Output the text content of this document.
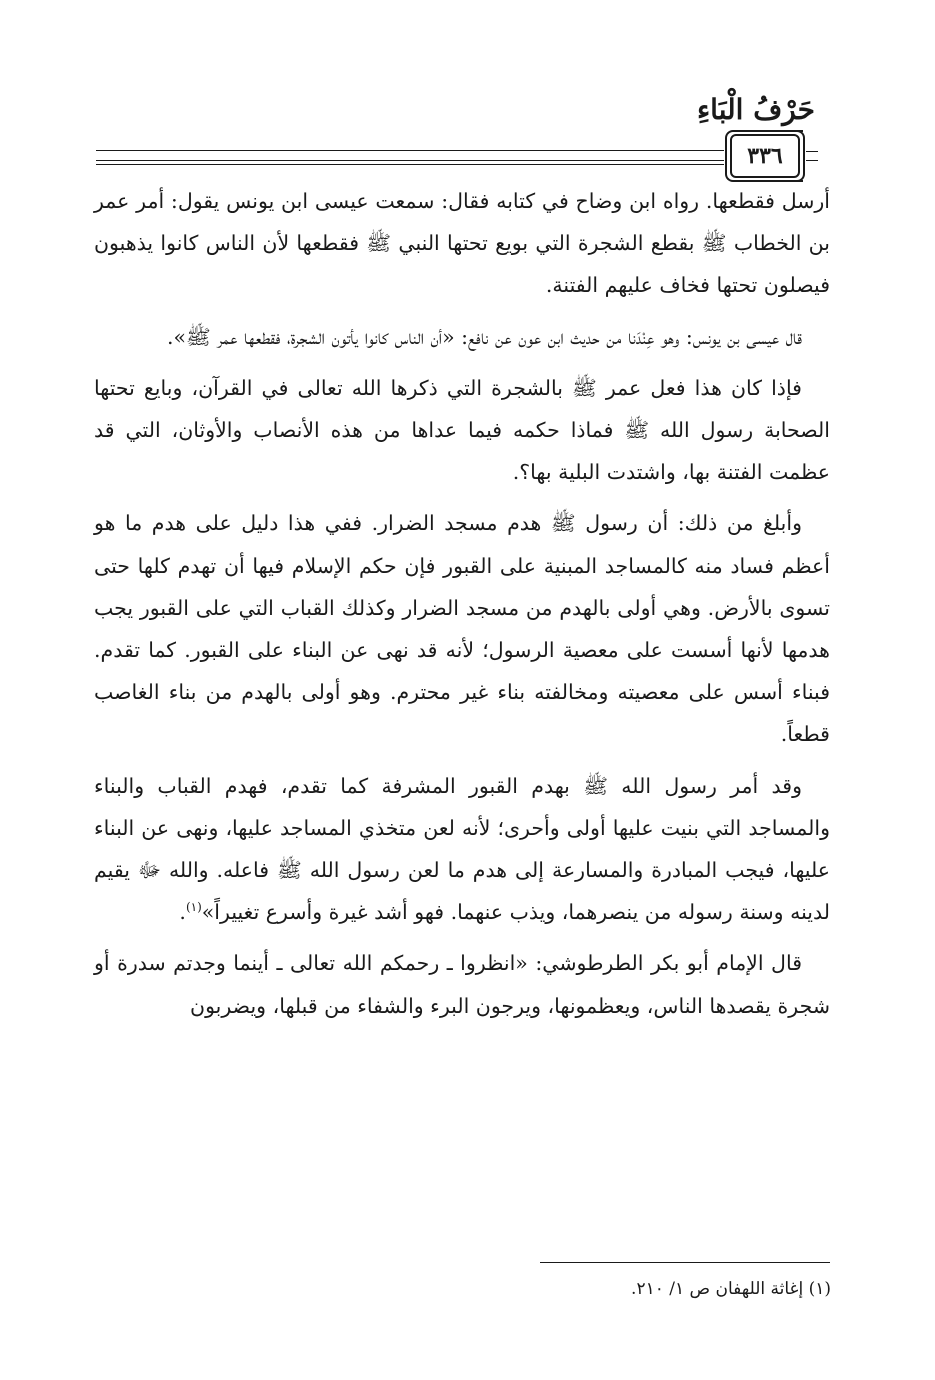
حَرْفُ الْبَاءِ
٣٣٦

أرسل فقطعها. رواه ابن وضاح في كتابه فقال: سمعت عيسى ابن يونس يقول: أمر عمر بن الخطاب ﷺ بقطع الشجرة التي بويع تحتها النبي ﷺ فقطعها لأن الناس كانوا يذهبون فيصلون تحتها فخاف عليهم الفتنة.

قال عيسى بن يونس: وهو عِنْدَنا من حديث ابن عون عن نافع: «أن الناس كانوا يأتون الشجرة، فقطعها عمر ﷺ».

فإذا كان هذا فعل عمر ﷺ بالشجرة التي ذكرها الله تعالى في القرآن، وبايع تحتها الصحابة رسول الله ﷺ فماذا حكمه فيما عداها من هذه الأنصاب والأوثان، التي قد عظمت الفتنة بها، واشتدت البلية بها؟.

وأبلغ من ذلك: أن رسول ﷺ هدم مسجد الضرار. ففي هذا دليل على هدم ما هو أعظم فساد منه كالمساجد المبنية على القبور فإن حكم الإسلام فيها أن تهدم كلها حتى تسوى بالأرض. وهي أولى بالهدم من مسجد الضرار وكذلك القباب التي على القبور يجب هدمها لأنها أسست على معصية الرسول؛ لأنه قد نهى عن البناء على القبور. كما تقدم. فبناء أسس على معصيته ومخالفته بناء غير محترم. وهو أولى بالهدم من بناء الغاصب قطعاً.

وقد أمر رسول الله ﷺ بهدم القبور المشرفة كما تقدم، فهدم القباب والبناء والمساجد التي بنيت عليها أولى وأحرى؛ لأنه لعن متخذي المساجد عليها، ونهى عن البناء عليها، فيجب المبادرة والمسارعة إلى هدم ما لعن رسول الله ﷺ فاعله. والله ﷻ يقيم لدينه وسنة رسوله من ينصرهما، ويذب عنهما. فهو أشد غيرة وأسرع تغييراً»$^{(١)}$.

قال الإمام أبو بكر الطرطوشي: «انظروا ـ رحمكم الله تعالى ـ أينما وجدتم سدرة أو شجرة يقصدها الناس، ويعظمونها، ويرجون البرء والشفاء من قبلها، ويضربون

(١) إغاثة اللهفان ص ١/ ٢١٠.
